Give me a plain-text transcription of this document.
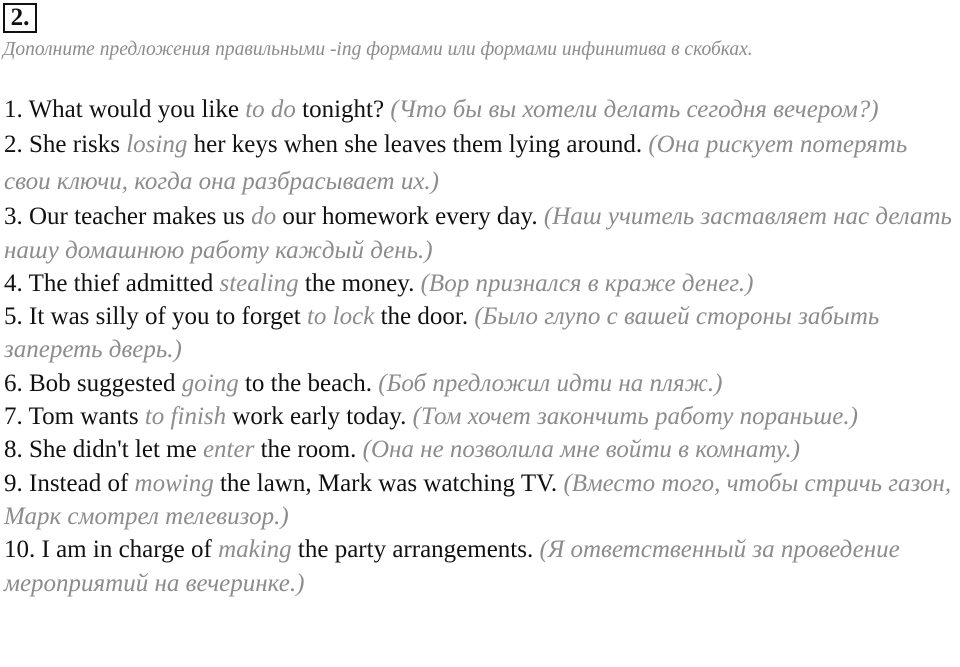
2.
Дополните предложения правильными -ing формами или формами инфинитива в скобках.

1. What would you like to do tonight? (Что бы вы хотели делать сегодня вечером?)

2. She risks losing her keys when she leaves them lying around. (Она рискует потерять свои ключи, когда она разбрасывает их.)

3. Our teacher makes us do our homework every day. (Наш учитель заставляет нас делать нашу домашнюю работу каждый день.)

4. The thief admitted stealing the money. (Вор признался в краже денег.)

5. It was silly of you to forget to lock the door. (Было глупо с вашей стороны забыть запереть дверь.)

6. Bob suggested going to the beach. (Боб предложил идти на пляж.)

7. Tom wants to finish work early today. (Том хочет закончить работу пораньше.)

8. She didn't let me enter the room. (Она не позволила мне войти в комнату.)

9. Instead of mowing the lawn, Mark was watching TV. (Вместо того, чтобы стричь газон, Марк смотрел телевизор.)

10. I am in charge of making the party arrangements. (Я ответственный за проведение мероприятий на вечеринке.)
